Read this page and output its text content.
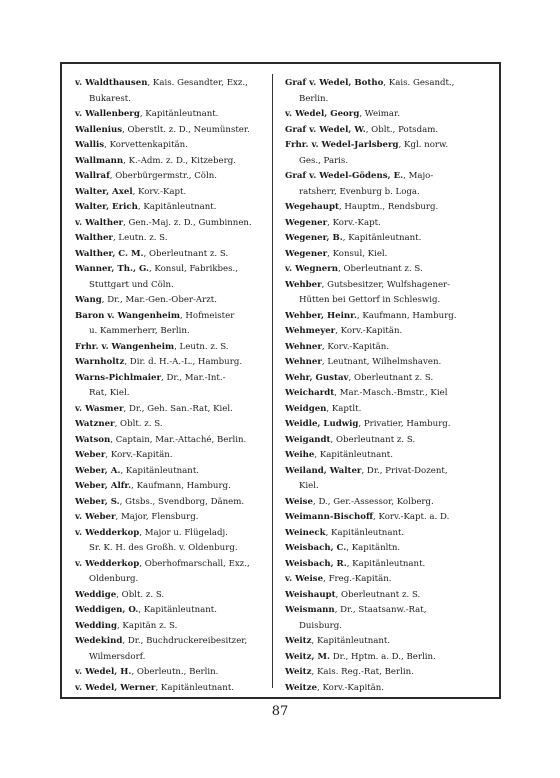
v. Waldthausen, Kais. Gesandter, Exz.,
Bukarest.
v. Wallenberg, Kapitänleutnant.
Wallenius, Oberstlt. z. D., Neumünster.
Wallis, Korvettenkapitän.
Wallmann, K.-Adm. z. D., Kitzeberg.
Wallraf, Oberbürgermstr., Cöln.
Walter, Axel, Korv.-Kapt.
Walter, Erich, Kapitänleutnant.
v. Walther, Gen.-Maj. z. D., Gumbinnen.
Walther, Leutn. z. S.
Walther, C. M., Oberleutnant z. S.
Wanner, Th., G., Konsul, Fabrikbes.,
Stuttgart und Cöln.
Wang, Dr., Mar.-Gen.-Ober-Arzt.
Baron v. Wangenheim, Hofmeister
u. Kammerherr, Berlin.
Frhr. v. Wangenheim, Leutn. z. S.
Warnholtz, Dir. d. H.-A.-L., Hamburg.
Warns-Pichlmaier, Dr., Mar.-Int.-
Rat, Kiel.
v. Wasmer, Dr., Geh. San.-Rat, Kiel.
Watzner, Oblt. z. S.
Watson, Captain, Mar.-Attaché, Berlin.
Weber, Korv.-Kapitän.
Weber, A., Kapitänleutnant.
Weber, Alfr., Kaufmann, Hamburg.
Weber, S., Gtsbs., Svendborg, Dänem.
v. Weber, Major, Flensburg.
v. Wedderkop, Major u. Flügeladj.
Sr. K. H. des Großh. v. Oldenburg.
v. Wedderkop, Oberhofmarschall, Exz.,
Oldenburg.
Weddige, Oblt. z. S.
Weddigen, O., Kapitänleutnant.
Wedding, Kapitän z. S.
Wedekind, Dr., Buchdruckereibesitzer,
Wilmersdorf.
v. Wedel, H., Oberleutn., Berlin.
v. Wedel, Werner, Kapitänleutnant.
Graf v. Wedel, Botho, Kais. Gesandt.,
Berlin.
v. Wedel, Georg, Weimar.
Graf v. Wedel, W., Oblt., Potsdam.
Frhr. v. Wedel-Jarlsberg, Kgl. norw.
Ges., Paris.
Graf v. Wedel-Gödens, E., Majo-
ratsherr, Evenburg b. Loga.
Wegehaupt, Hauptm., Rendsburg.
Wegener, Korv.-Kapt.
Wegener, B., Kapitänleutnant.
Wegener, Konsul, Kiel.
v. Wegnern, Oberleutnant z. S.
Wehber, Gutsbesitzer, Wulfshagener-
Hütten bei Gettorf in Schleswig.
Wehber, Heinr., Kaufmann, Hamburg.
Wehmeyer, Korv.-Kapitän.
Wehner, Korv.-Kapitän.
Wehner, Leutnant, Wilhelmshaven.
Wehr, Gustav, Oberleutnant z. S.
Weichardt, Mar.-Masch.-Bmstr., Kiel
Weidgen, Kaptlt.
Weidle, Ludwig, Privatier, Hamburg.
Weigandt, Oberleutnant z. S.
Weihe, Kapitänleutnant.
Weiland, Walter, Dr., Privat-Dozent,
Kiel.
Weise, D., Ger.-Assessor, Kolberg.
Weimann-Bischoff, Korv.-Kapt. a. D.
Weineck, Kapitänleutnant.
Weisbach, C., Kapitänltn.
Weisbach, R., Kapitänleutnant.
v. Weise, Freg.-Kapitän.
Weishaupt, Oberleutnant z. S.
Weismann, Dr., Staatsanw.-Rat,
Duisburg.
Weitz, Kapitänleutnant.
Weitz, M. Dr., Hptm. a. D., Berlin.
Weitz, Kais. Reg.-Rat, Berlin.
Weitze, Korv.-Kapitän.
87
